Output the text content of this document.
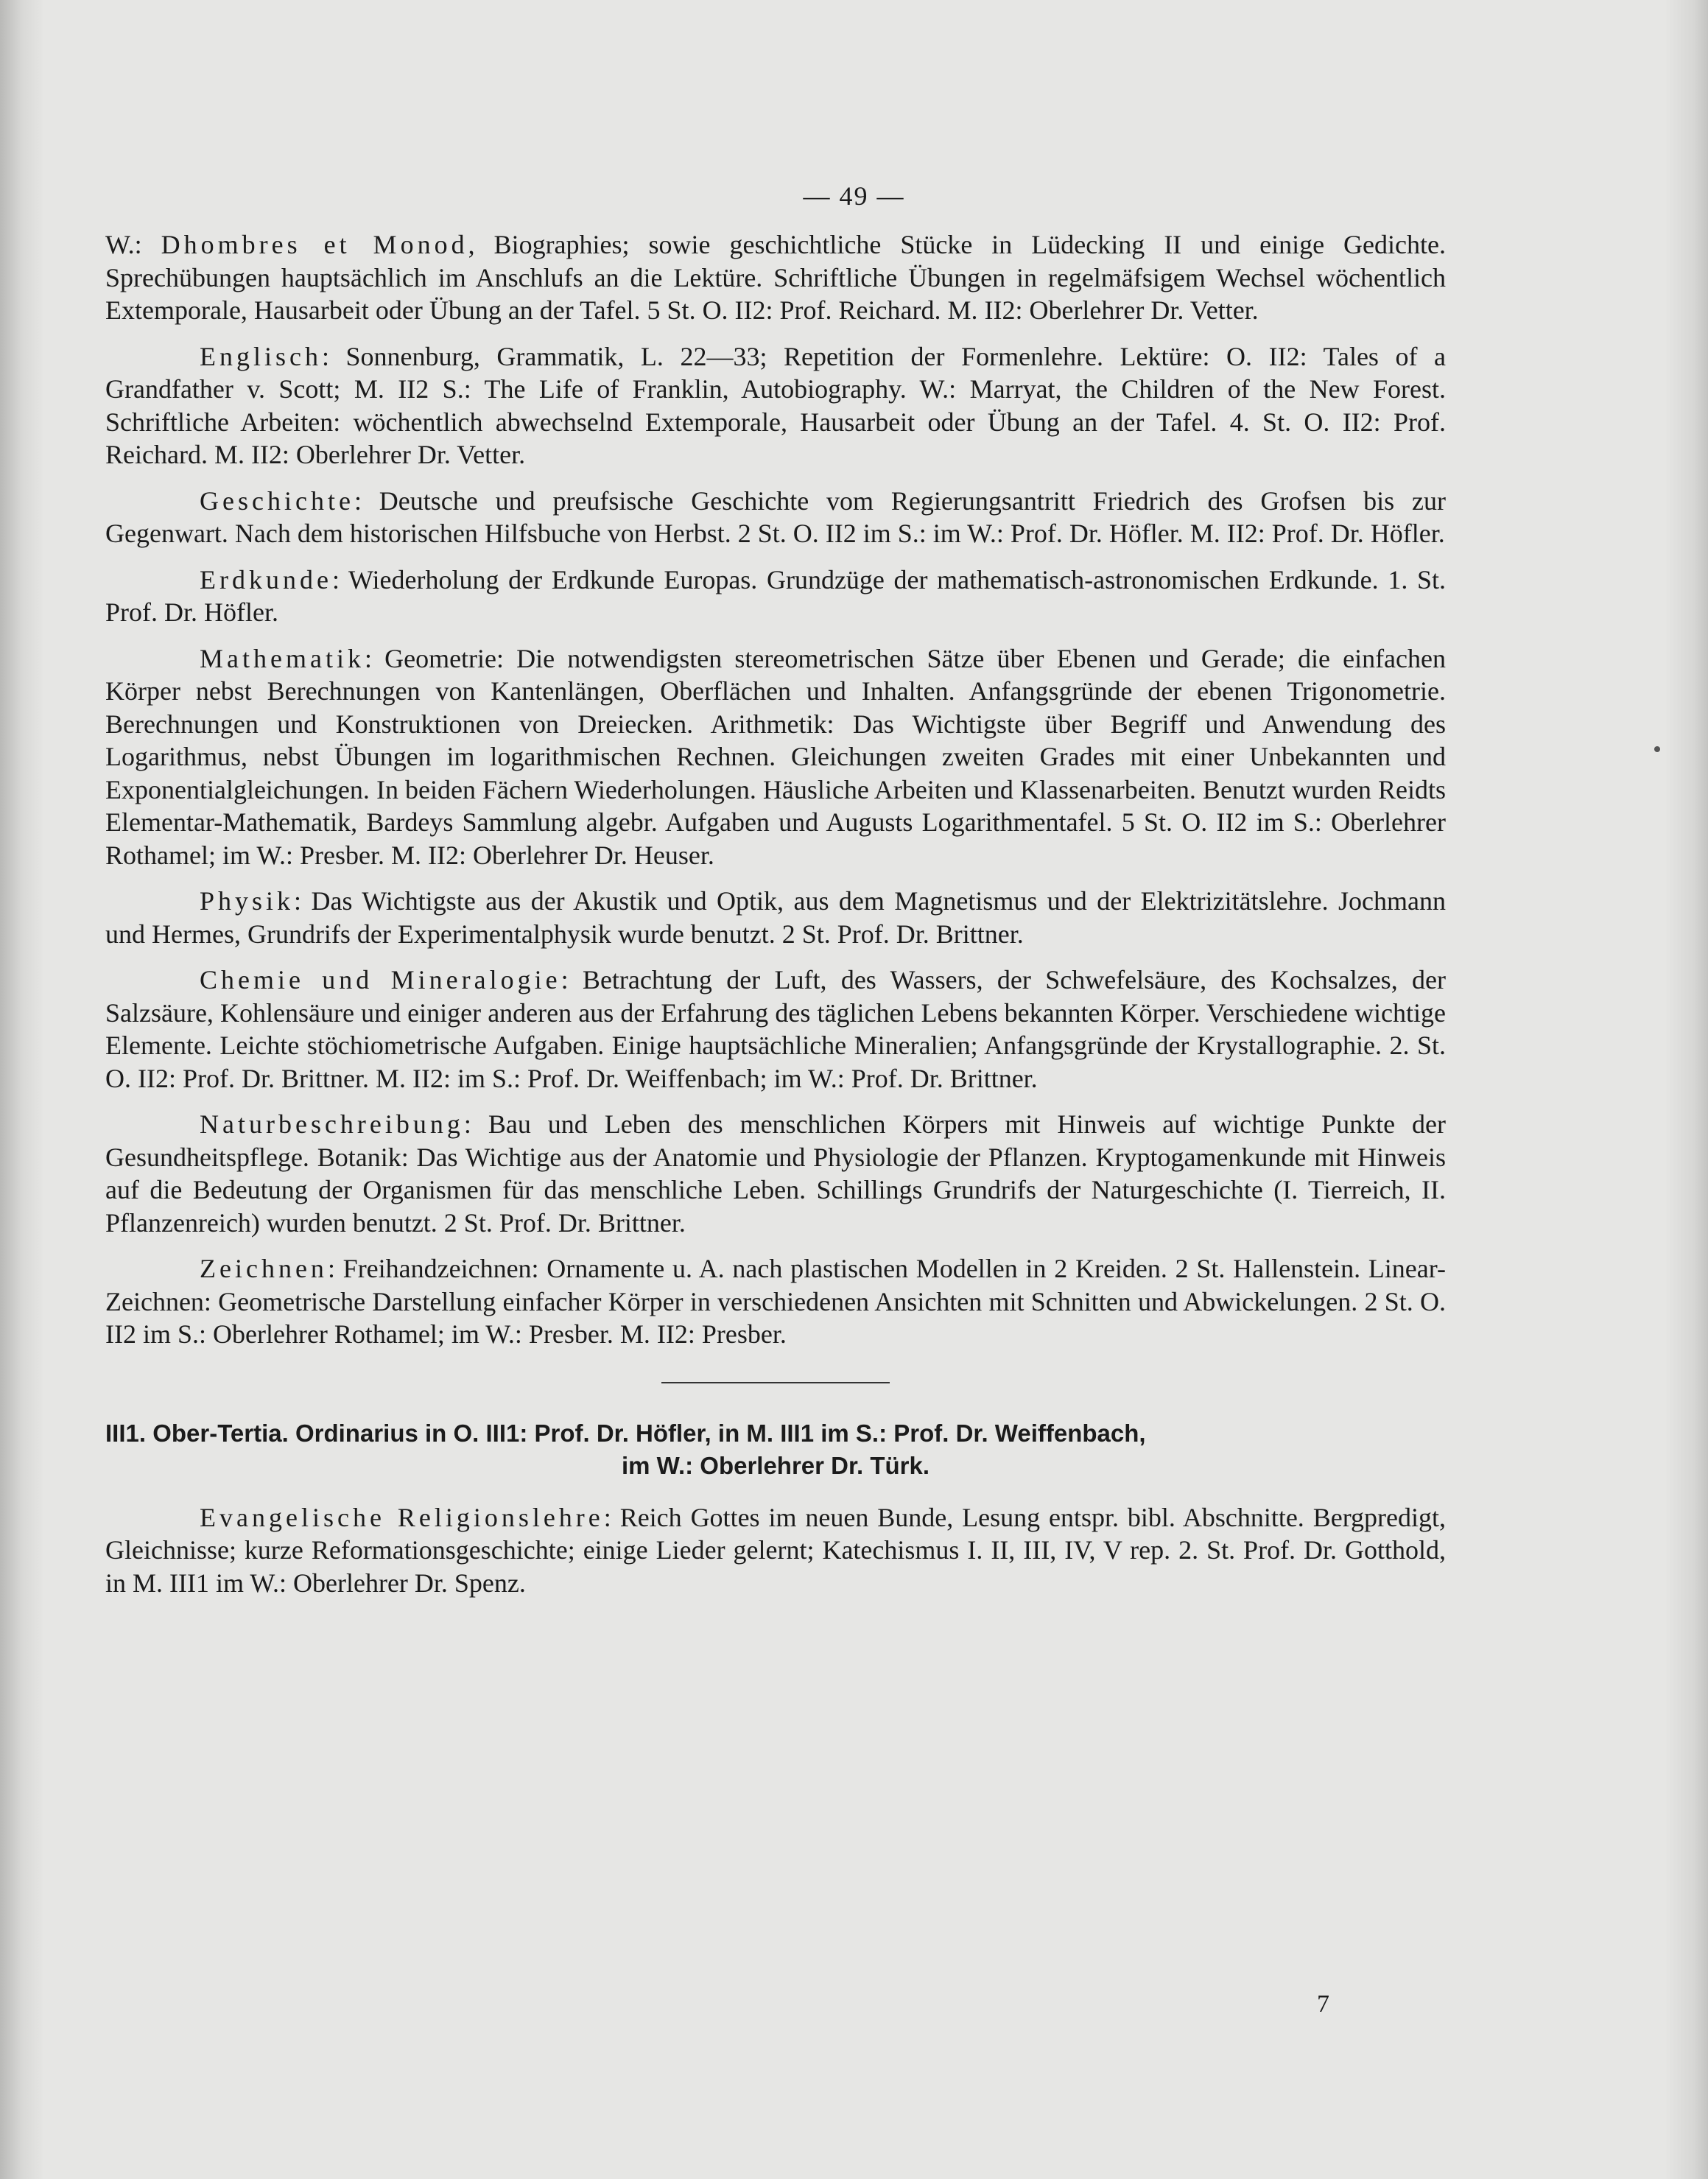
— 49 —

W.: Dhombres et Monod, Biographies; sowie geschichtliche Stücke in Lüdecking II und einige Gedichte. Sprechübungen hauptsächlich im Anschlufs an die Lektüre. Schriftliche Übungen in regelmäfsigem Wechsel wöchentlich Extemporale, Hausarbeit oder Übung an der Tafel. 5 St. O. II2: Prof. Reichard. M. II2: Oberlehrer Dr. Vetter.

Englisch: Sonnenburg, Grammatik, L. 22—33; Repetition der Formenlehre. Lektüre: O. II2: Tales of a Grandfather v. Scott; M. II2 S.: The Life of Franklin, Autobiography. W.: Marryat, the Children of the New Forest. Schriftliche Arbeiten: wöchentlich abwechselnd Extemporale, Hausarbeit oder Übung an der Tafel. 4. St. O. II2: Prof. Reichard. M. II2: Oberlehrer Dr. Vetter.

Geschichte: Deutsche und preufsische Geschichte vom Regierungsantritt Friedrich des Grofsen bis zur Gegenwart. Nach dem historischen Hilfsbuche von Herbst. 2 St. O. II2 im S.: im W.: Prof. Dr. Höfler. M. II2: Prof. Dr. Höfler.

Erdkunde: Wiederholung der Erdkunde Europas. Grundzüge der mathematisch-astronomischen Erdkunde. 1. St. Prof. Dr. Höfler.

Mathematik: Geometrie: Die notwendigsten stereometrischen Sätze über Ebenen und Gerade; die einfachen Körper nebst Berechnungen von Kantenlängen, Oberflächen und Inhalten. Anfangsgründe der ebenen Trigonometrie. Berechnungen und Konstruktionen von Dreiecken. Arithmetik: Das Wichtigste über Begriff und Anwendung des Logarithmus, nebst Übungen im logarithmischen Rechnen. Gleichungen zweiten Grades mit einer Unbekannten und Exponentialgleichungen. In beiden Fächern Wiederholungen. Häusliche Arbeiten und Klassenarbeiten. Benutzt wurden Reidts Elementar-Mathematik, Bardeys Sammlung algebr. Aufgaben und Augusts Logarithmentafel. 5 St. O. II2 im S.: Oberlehrer Rothamel; im W.: Presber. M. II2: Oberlehrer Dr. Heuser.

Physik: Das Wichtigste aus der Akustik und Optik, aus dem Magnetismus und der Elektrizitätslehre. Jochmann und Hermes, Grundrifs der Experimentalphysik wurde benutzt. 2 St. Prof. Dr. Brittner.

Chemie und Mineralogie: Betrachtung der Luft, des Wassers, der Schwefelsäure, des Kochsalzes, der Salzsäure, Kohlensäure und einiger anderen aus der Erfahrung des täglichen Lebens bekannten Körper. Verschiedene wichtige Elemente. Leichte stöchiometrische Aufgaben. Einige hauptsächliche Mineralien; Anfangsgründe der Krystallographie. 2. St. O. II2: Prof. Dr. Brittner. M. II2: im S.: Prof. Dr. Weiffenbach; im W.: Prof. Dr. Brittner.

Naturbeschreibung: Bau und Leben des menschlichen Körpers mit Hinweis auf wichtige Punkte der Gesundheitspflege. Botanik: Das Wichtige aus der Anatomie und Physiologie der Pflanzen. Kryptogamenkunde mit Hinweis auf die Bedeutung der Organismen für das menschliche Leben. Schillings Grundrifs der Naturgeschichte (I. Tierreich, II. Pflanzenreich) wurden benutzt. 2 St. Prof. Dr. Brittner.

Zeichnen: Freihandzeichnen: Ornamente u. A. nach plastischen Modellen in 2 Kreiden. 2 St. Hallenstein. Linear-Zeichnen: Geometrische Darstellung einfacher Körper in verschiedenen Ansichten mit Schnitten und Abwickelungen. 2 St. O. II2 im S.: Oberlehrer Rothamel; im W.: Presber. M. II2: Presber.

III1. Ober-Tertia. Ordinarius in O. III1: Prof. Dr. Höfler, in M. III1 im S.: Prof. Dr. Weiffenbach,
im W.: Oberlehrer Dr. Türk.

Evangelische Religionslehre: Reich Gottes im neuen Bunde, Lesung entspr. bibl. Abschnitte. Bergpredigt, Gleichnisse; kurze Reformationsgeschichte; einige Lieder gelernt; Katechismus I. II, III, IV, V rep. 2. St. Prof. Dr. Gotthold, in M. III1 im W.: Oberlehrer Dr. Spenz.

7
